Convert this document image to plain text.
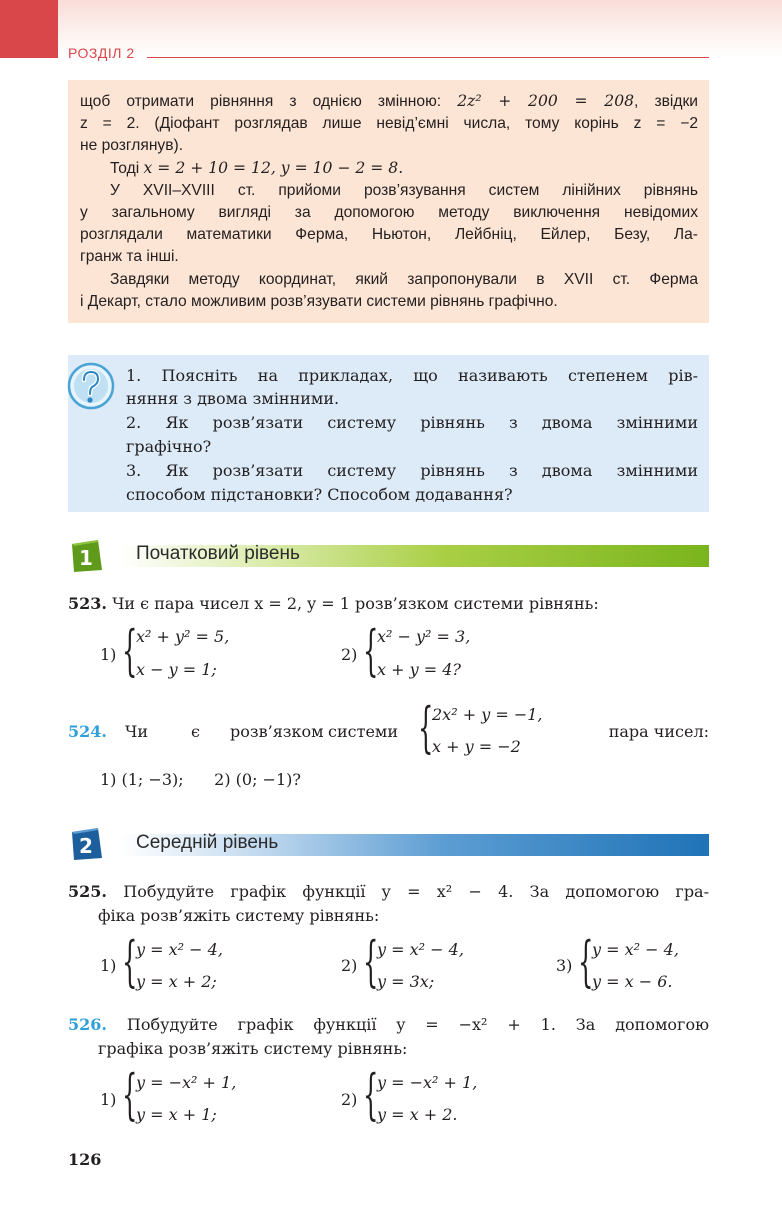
РОЗДІЛ 2
щоб отримати рівняння з однією змінною: 2z² + 200 = 208, звідки
z = 2. (Діофант розглядав лише невід’ємні числа, тому корінь z = −2
не розглянув).
Тоді x = 2 + 10 = 12, y = 10 − 2 = 8.
У XVII–XVIII ст. прийоми розв’язування систем лінійних рівнянь
у загальному вигляді за допомогою методу виключення невідомих
розглядали математики Ферма, Ньютон, Лейбніц, Ейлер, Безу, Ла-
гранж та інші.
Завдяки методу координат, який запропонували в XVII ст. Ферма
і Декарт, стало можливим розв’язувати системи рівнянь графічно.
1. Поясніть на прикладах, що називають степенем рів-
няння з двома змінними.
2. Як розв’язати систему рівнянь з двома змінними
графічно?
3. Як розв’язати систему рівнянь з двома змінними
способом підстановки? Способом додавання?
1 Початковий рівень
523. Чи є пара чисел x = 2, y = 1 розв’язком системи рівнянь:
1) {
x² + y² = 5,
x − y = 1;
2) {
x² − y² = 3,
x + y = 4?
524. Чи	є розв’язком системи {
2x² + y = −1,
x + y = −2
пара чисел:
1) (1; −3);      2) (0; −1)?
2 Середній рівень
525. Побудуйте графік функції y = x² − 4. За допомогою гра-
фіка розв’яжіть систему рівнянь:
1) {
y = x² − 4,
y = x + 2;
2) {
y = x² − 4,
y = 3x;
3) {
y = x² − 4,
y = x − 6.
526. Побудуйте графік функції y = −x² + 1. За допомогою
графіка розв’яжіть систему рівнянь:
1) {
y = −x² + 1,
y = x + 1;
2) {
y = −x² + 1,
y = x + 2.
126
